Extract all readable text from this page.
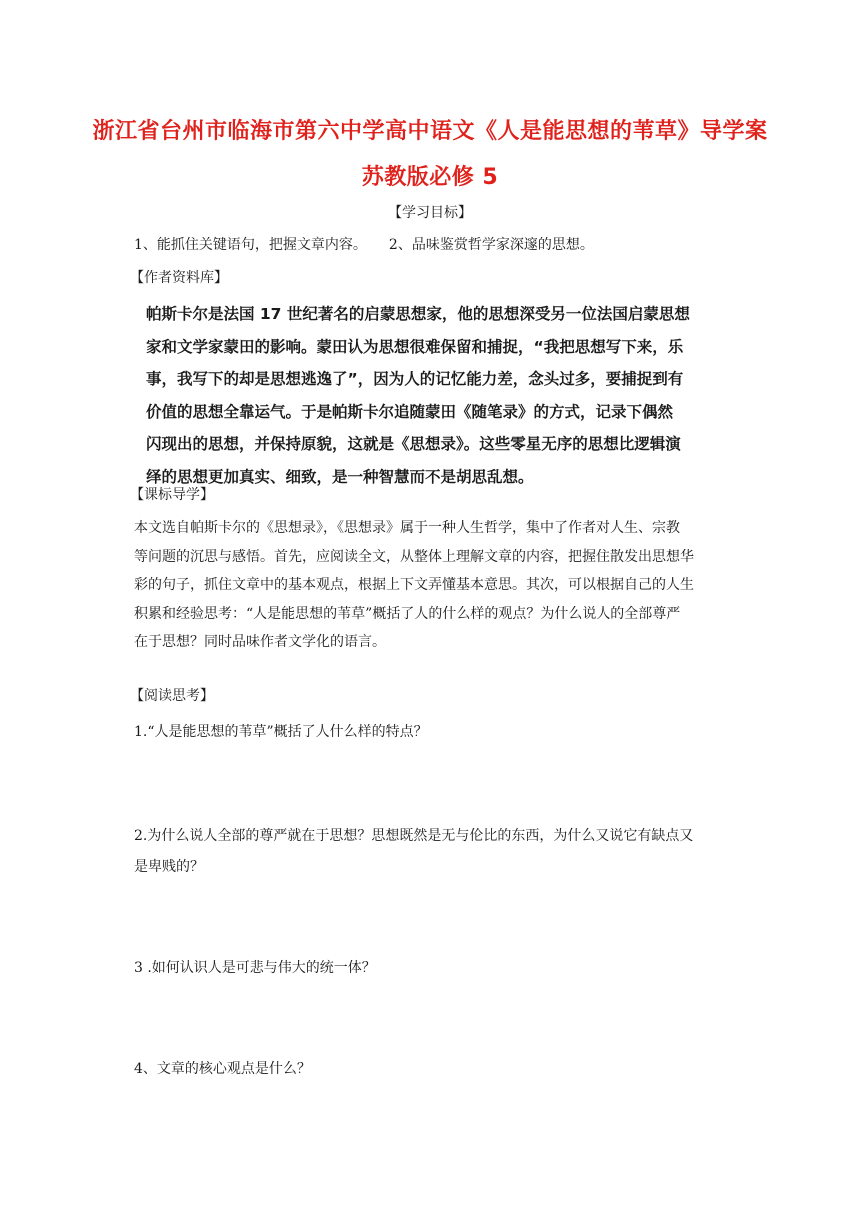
浙江省台州市临海市第六中学高中语文《人是能思想的苇草》导学案
苏教版必修 5
【学习目标】
1、能抓住关键语句，把握文章内容。 2、品味鉴赏哲学家深邃的思想。
【作者资料库】
帕斯卡尔是法国 17 世纪著名的启蒙思想家，他的思想深受另一位法国启蒙思想
家和文学家蒙田的影响。蒙田认为思想很难保留和捕捉，“我把思想写下来，乐
事，我写下的却是思想逃逸了”，因为人的记忆能力差，念头过多，要捕捉到有
价值的思想全靠运气。于是帕斯卡尔追随蒙田《随笔录》的方式，记录下偶然
闪现出的思想，并保持原貌，这就是《思想录》。这些零星无序的思想比逻辑演
绎的思想更加真实、细致，是一种智慧而不是胡思乱想。
【课标导学】
本文选自帕斯卡尔的《思想录》，《思想录》属于一种人生哲学，集中了作者对人生、宗教
等问题的沉思与感悟。首先，应阅读全文，从整体上理解文章的内容，把握住散发出思想华
彩的句子，抓住文章中的基本观点，根据上下文弄懂基本意思。其次，可以根据自己的人生
积累和经验思考：“人是能思想的苇草”概括了人的什么样的观点？为什么说人的全部尊严
在于思想？同时品味作者文学化的语言。
【阅读思考】
1.“人是能思想的苇草”概括了人什么样的特点？
2.为什么说人全部的尊严就在于思想？思想既然是无与伦比的东西，为什么又说它有缺点又
是卑贱的？
3 .如何认识人是可悲与伟大的统一体？
4、文章的核心观点是什么？
